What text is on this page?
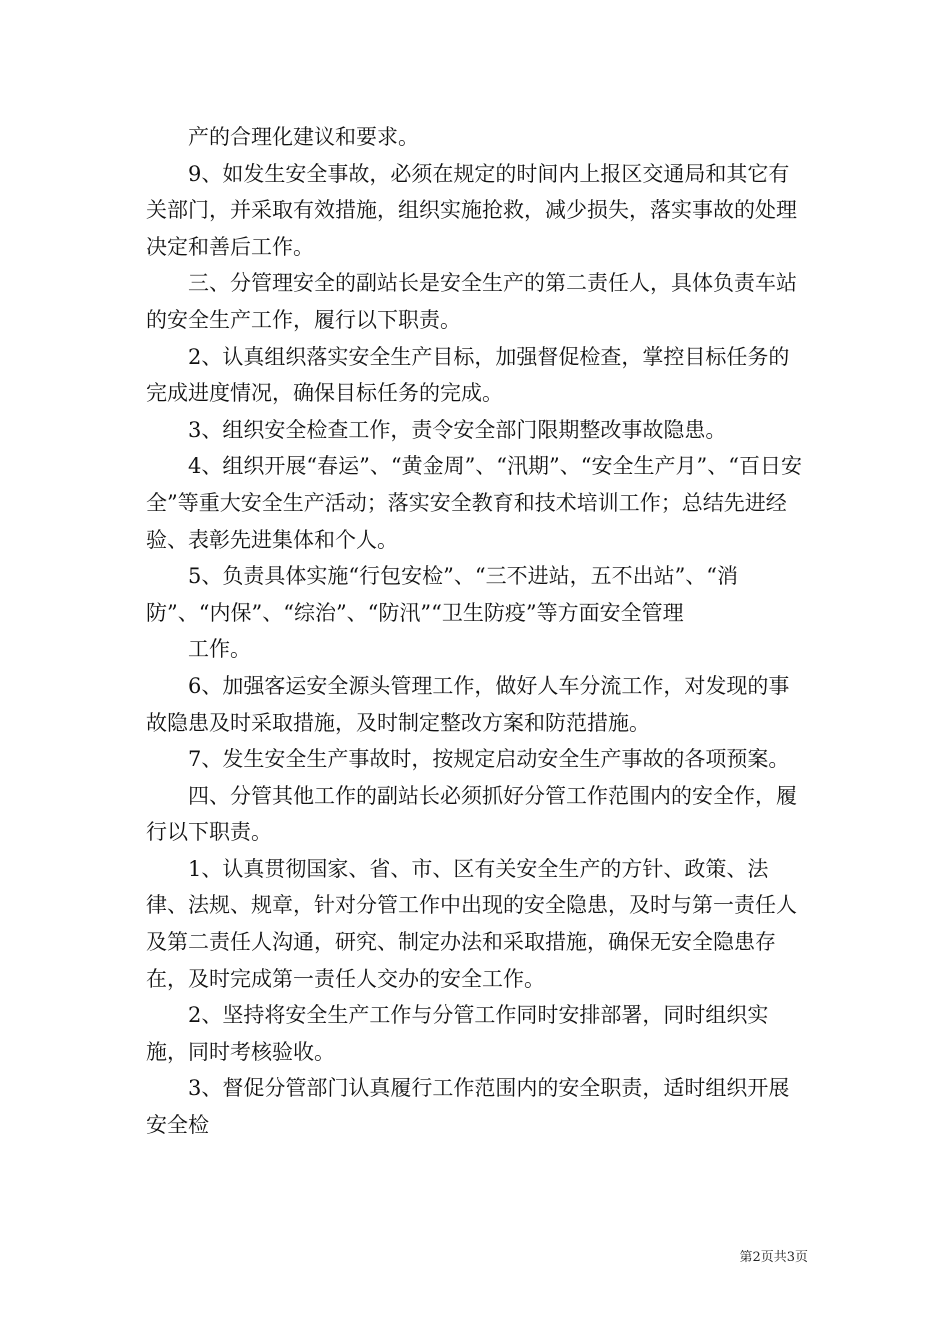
产的合理化建议和要求。

9、如发生安全事故，必须在规定的时间内上报区交通局和其它有关部门，并采取有效措施，组织实施抢救，减少损失，落实事故的处理决定和善后工作。

三、分管理安全的副站长是安全生产的第二责任人，具体负责车站的安全生产工作，履行以下职责。

2、认真组织落实安全生产目标，加强督促检查，掌控目标任务的完成进度情况，确保目标任务的完成。

3、组织安全检查工作，责令安全部门限期整改事故隐患。

4、组织开展“春运”、“黄金周”、“汛期”、“安全生产月”、“百日安全”等重大安全生产活动；落实安全教育和技术培训工作；总结先进经验、表彰先进集体和个人。

5、负责具体实施“行包安检”、“三不进站，五不出站”、“消防”、“内保”、“综治”、“防汛”“卫生防疫”等方面安全管理

工作。

6、加强客运安全源头管理工作，做好人车分流工作，对发现的事故隐患及时采取措施，及时制定整改方案和防范措施。

7、发生安全生产事故时，按规定启动安全生产事故的各项预案。

四、分管其他工作的副站长必须抓好分管工作范围内的安全作，履行以下职责。

1、认真贯彻国家、省、市、区有关安全生产的方针、政策、法律、法规、规章，针对分管工作中出现的安全隐患，及时与第一责任人及第二责任人沟通，研究、制定办法和采取措施，确保无安全隐患存在，及时完成第一责任人交办的安全工作。

2、坚持将安全生产工作与分管工作同时安排部署，同时组织实施，同时考核验收。

3、督促分管部门认真履行工作范围内的安全职责，适时组织开展安全检

第2页共3页
